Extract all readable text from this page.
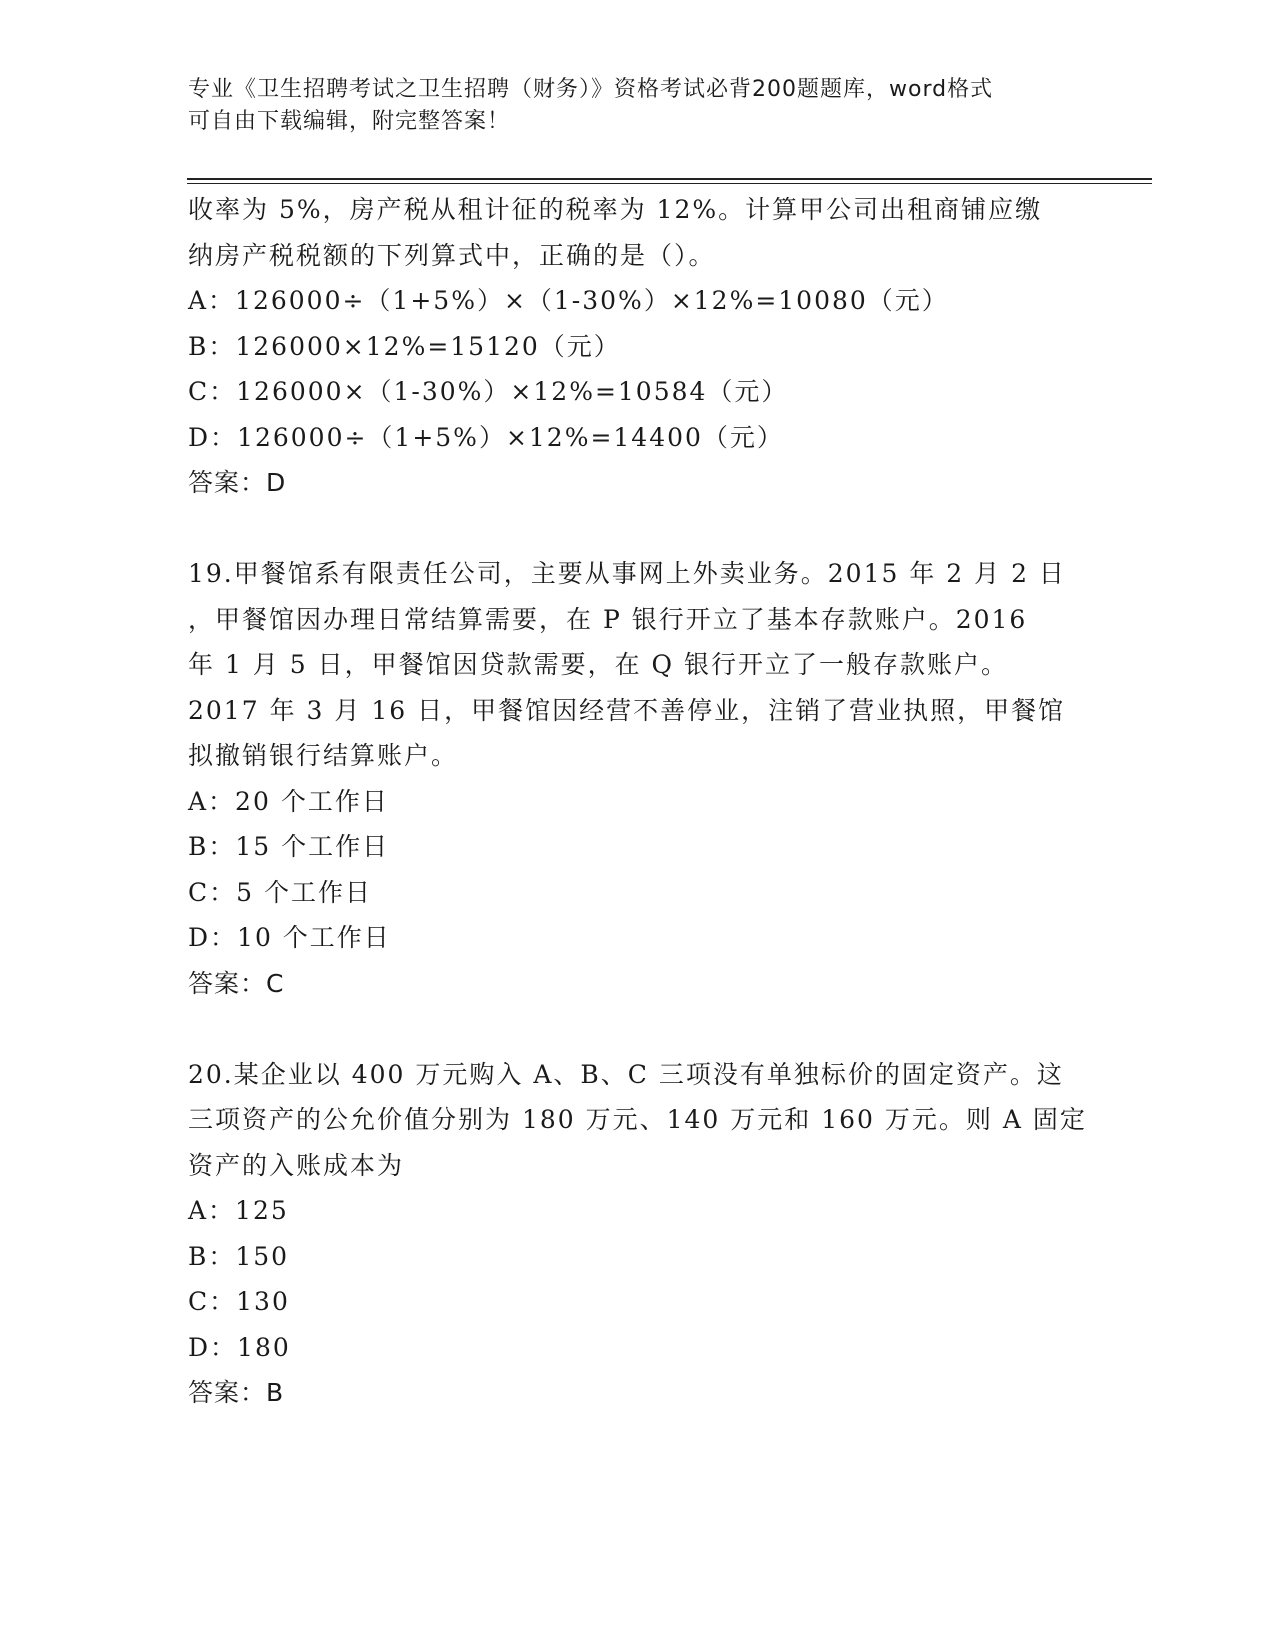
专业《卫生招聘考试之卫生招聘（财务）》资格考试必背200题题库，word格式
可自由下载编辑，附完整答案！
收率为 5%，房产税从租计征的税率为 12%。计算甲公司出租商铺应缴
纳房产税税额的下列算式中，正确的是（）。
A：126000÷（1+5%）×（1-30%）×12%=10080（元）
B：126000×12%=15120（元）
C：126000×（1-30%）×12%=10584（元）
D：126000÷（1+5%）×12%=14400（元）
答案：D
19.甲餐馆系有限责任公司，主要从事网上外卖业务。2015 年 2 月 2 日
，甲餐馆因办理日常结算需要，在 P 银行开立了基本存款账户。2016
年 1 月 5 日，甲餐馆因贷款需要，在 Q 银行开立了一般存款账户。
2017 年 3 月 16 日，甲餐馆因经营不善停业，注销了营业执照，甲餐馆
拟撤销银行结算账户。
A：20 个工作日
B：15 个工作日
C：5 个工作日
D：10 个工作日
答案：C
20.某企业以 400 万元购入 A、B、C 三项没有单独标价的固定资产。这
三项资产的公允价值分别为 180 万元、140 万元和 160 万元。则 A 固定
资产的入账成本为
A：125
B：150
C：130
D：180
答案：B
